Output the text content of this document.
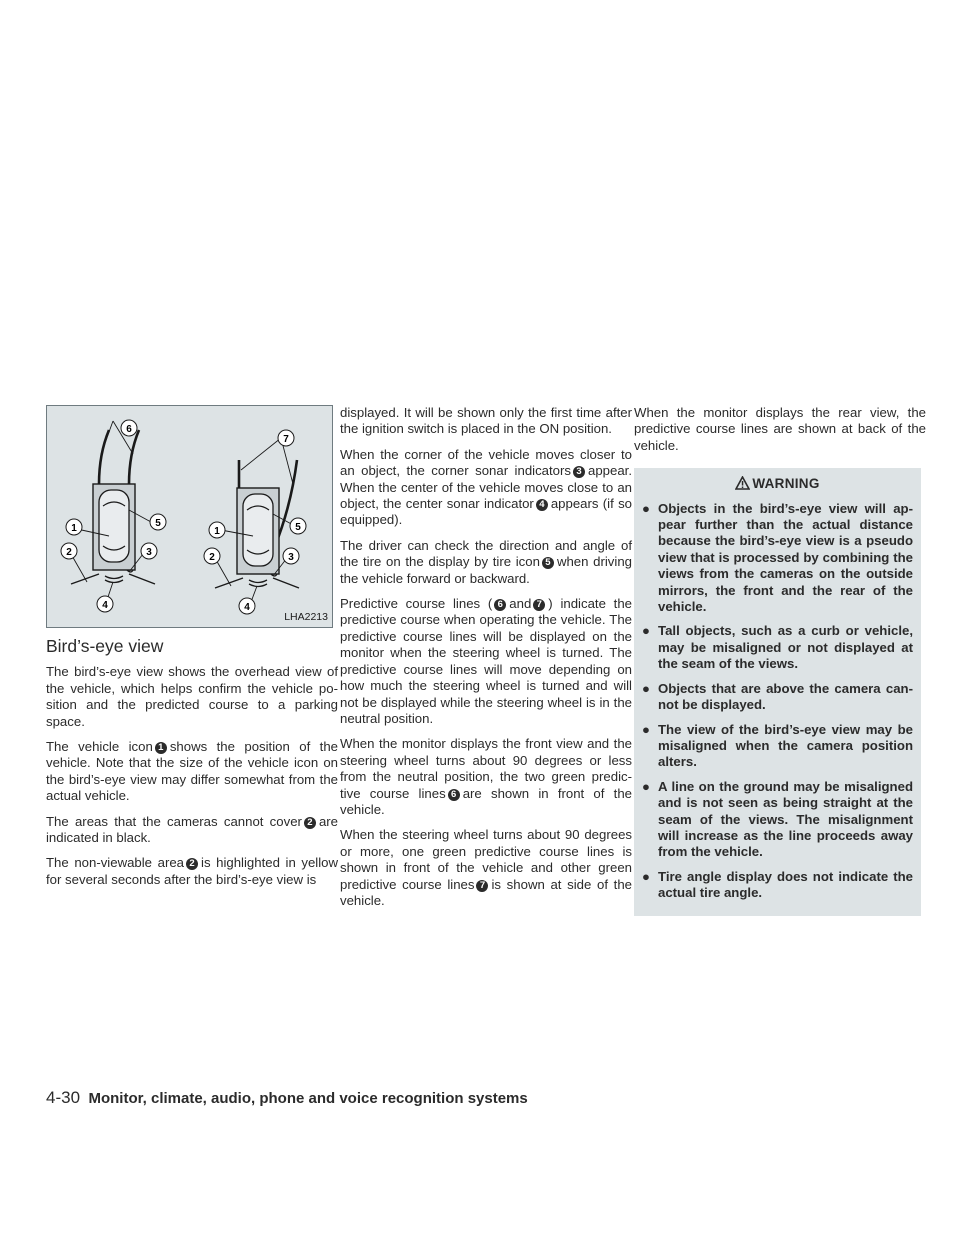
6
1	5
2	3
4
7
1	5
2	3
4
LHA2213
Bird’s-eye view

The bird’s-eye view shows the overhead view of the vehicle, which helps confirm the vehicle po- sition and the predicted course to a parking space.

The vehicle icon 1 shows the position of the vehicle. Note that the size of the vehicle icon on the bird’s-eye view may differ somewhat from the actual vehicle.

The areas that the cameras cannot cover 2 are indicated in black.

The non-viewable area 2 is highlighted in yellow for several seconds after the bird’s-eye view is

displayed. It will be shown only the first time after the ignition switch is placed in the ON position.

When the corner of the vehicle moves closer to an object, the corner sonar indicators 3 appear. When the center of the vehicle moves close to an object, the center sonar indicator 4 appears (if so equipped).

The driver can check the direction and angle of the tire on the display by tire icon 5 when driving the vehicle forward or backward.

Predictive course lines ( 6 and 7 ) indicate the predictive course when operating the vehicle. The predictive course lines will be displayed on the monitor when the steering wheel is turned. The predictive course lines will move depending on how much the steering wheel is turned and will not be displayed while the steering wheel is in the neutral position.

When the monitor displays the front view and the steering wheel turns about 90 degrees or less from the neutral position, the two green predic- tive course lines 6 are shown in front of the vehicle.

When the steering wheel turns about 90 degrees or more, one green predictive course lines is shown in front of the vehicle and other green predictive course lines 7 is shown at side of the vehicle.

When the monitor displays the rear view, the predictive course lines are shown at back of the vehicle.

WARNING
● Objects in the bird’s-eye view will ap- pear further than the actual distance because the bird’s-eye view is a pseudo view that is processed by combining the views from the cameras on the outside mirrors, the front and the rear of the vehicle.
● Tall objects, such as a curb or vehicle, may be misaligned or not displayed at the seam of the views.
● Objects that are above the camera can- not be displayed.
● The view of the bird’s-eye view may be misaligned when the camera position alters.
● A line on the ground may be misaligned and is not seen as being straight at the seam of the views. The misalignment will increase as the line proceeds away from the vehicle.
● Tire angle display does not indicate the actual tire angle.
4-30 Monitor, climate, audio, phone and voice recognition systems
